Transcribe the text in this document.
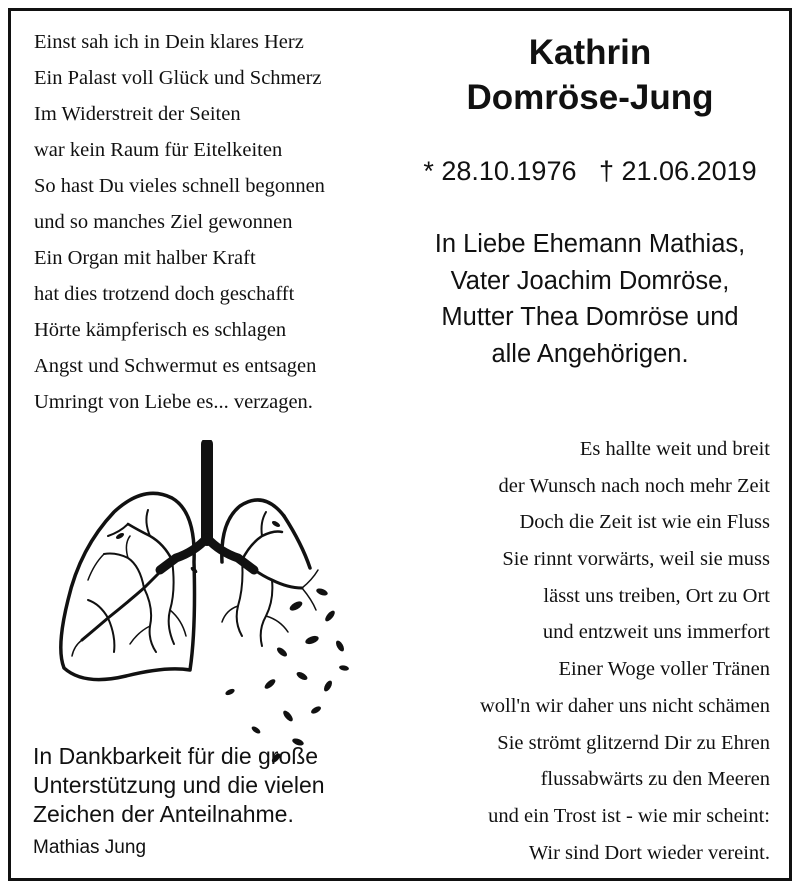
Einst sah ich in Dein klares Herz
Ein Palast voll Glück und Schmerz
Im Widerstreit der Seiten
war kein Raum für Eitelkeiten
So hast Du vieles schnell begonnen
und so manches Ziel gewonnen
Ein Organ mit halber Kraft
hat dies trotzend doch geschafft
Hörte kämpferisch es schlagen
Angst und Schwermut es entsagen
Umringt von Liebe es... verzagen.
Kathrin
Domröse-Jung
* 28.10.1976   † 21.06.2019
In Liebe Ehemann Mathias,
Vater Joachim Domröse,
Mutter Thea Domröse und
alle Angehörigen.
Es hallte weit und breit
der Wunsch nach noch mehr Zeit
Doch die Zeit ist wie ein Fluss
Sie rinnt vorwärts, weil sie muss
lässt uns treiben, Ort zu Ort
und entzweit uns immerfort
Einer Woge voller Tränen
woll'n wir daher uns nicht schämen
Sie strömt glitzernd Dir zu Ehren
flussabwärts zu den Meeren
und ein Trost ist - wie mir scheint:
Wir sind Dort wieder vereint.
In Dankbarkeit für die große
Unterstützung und die vielen
Zeichen der Anteilnahme.
Mathias Jung
